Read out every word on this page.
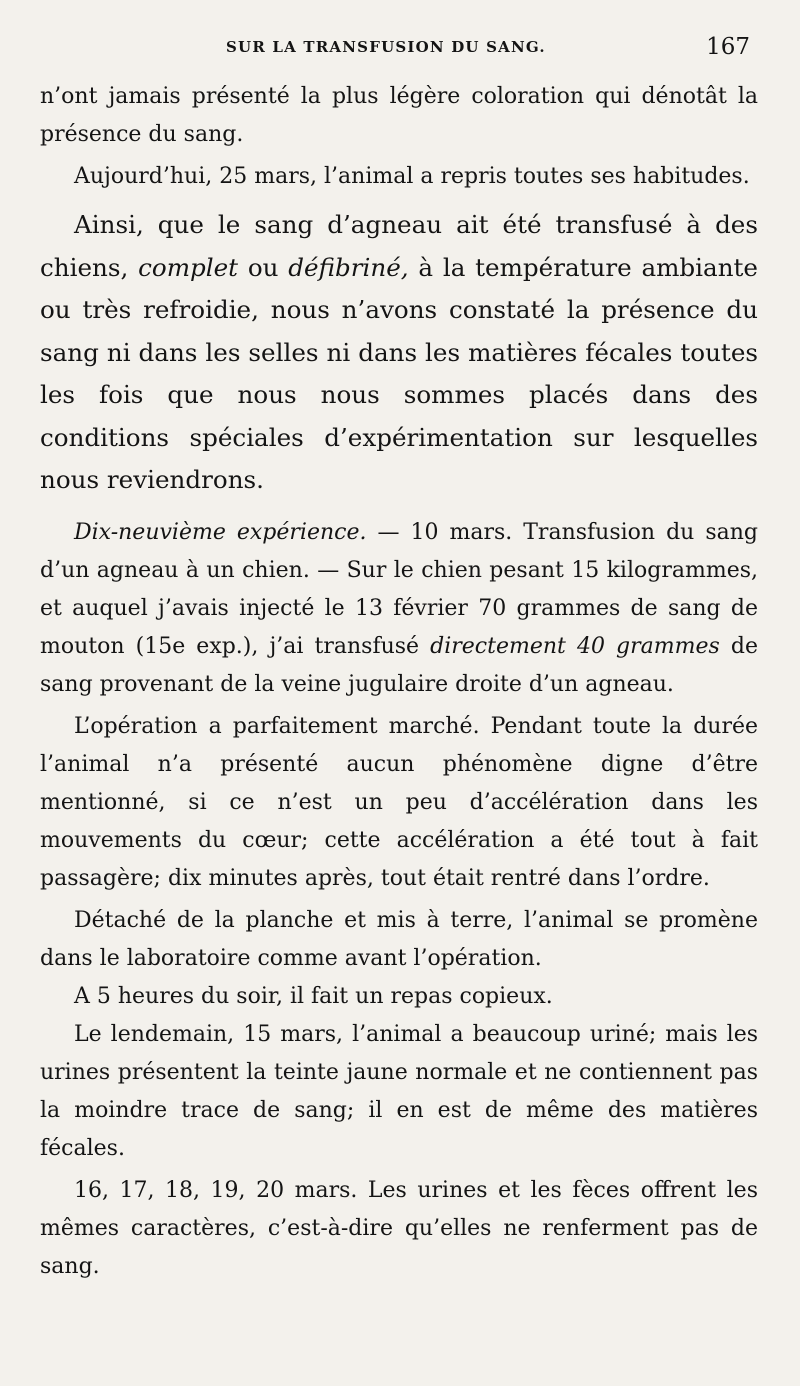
SUR LA TRANSFUSION DU SANG.	167

n’ont jamais présenté la plus légère coloration qui dénotât la présence du sang.

Aujourd’hui, 25 mars, l’animal a repris toutes ses habitudes.

Ainsi, que le sang d’agneau ait été transfusé à des chiens, complet ou défibriné, à la température ambiante ou très refroidie, nous n’avons constaté la présence du sang ni dans les selles ni dans les matières fécales toutes les fois que nous nous sommes placés dans des conditions spéciales d’expérimentation sur lesquelles nous reviendrons.

Dix-neuvième expérience. — 10 mars. Transfusion du sang d’un agneau à un chien. — Sur le chien pesant 15 kilogrammes, et auquel j’avais injecté le 13 février 70 grammes de sang de mouton (15e exp.), j’ai transfusé directement 40 grammes de sang provenant de la veine jugulaire droite d’un agneau.

L’opération a parfaitement marché. Pendant toute la durée l’animal n’a présenté aucun phénomène digne d’être mentionné, si ce n’est un peu d’accélération dans les mouvements du cœur; cette accélération a été tout à fait passagère; dix minutes après, tout était rentré dans l’ordre.

Détaché de la planche et mis à terre, l’animal se promène dans le laboratoire comme avant l’opération.

A 5 heures du soir, il fait un repas copieux.

Le lendemain, 15 mars, l’animal a beaucoup uriné; mais les urines présentent la teinte jaune normale et ne contiennent pas la moindre trace de sang; il en est de même des matières fécales.

16, 17, 18, 19, 20 mars. Les urines et les fèces offrent les mêmes caractères, c’est-à-dire qu’elles ne renferment pas de sang.
